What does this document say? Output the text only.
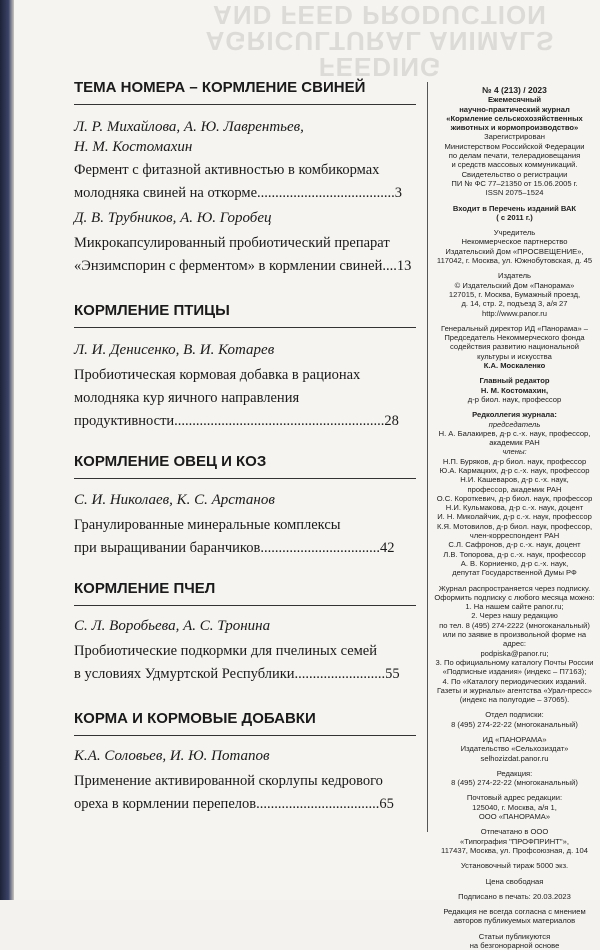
FEEDING
AGRICULTURAL ANIMALS
AND FEED PRODUCTION
ТЕМА НОМЕРА – КОРМЛЕНИЕ СВИНЕЙ
Л. Р. Михайлова, А. Ю. Лаврентьев,
Н. М. Костомахин
Фермент с фитазной активностью в комбикормах
молодняка свиней на откорме......................................3
Д. В. Трубников, А. Ю. Горобец
Микрокапсулированный пробиотический препарат
«Энзимспорин с ферментом» в кормлении свиней....13
КОРМЛЕНИЕ ПТИЦЫ
Л. И. Денисенко, В. И. Котарев
Пробиотическая кормовая добавка в рационах
молодняка кур яичного направления
продуктивности..........................................................28
КОРМЛЕНИЕ ОВЕЦ И КОЗ
С. И. Николаев, К. С. Арстанов
Гранулированные минеральные комплексы
при выращивании баранчиков.................................42
КОРМЛЕНИЕ ПЧЕЛ
С. Л. Воробьева, А. С. Тронина
Пробиотические подкормки для пчелиных семей
в условиях Удмуртской Республики.........................55
КОРМА И КОРМОВЫЕ ДОБАВКИ
К.А. Соловьев, И. Ю. Потапов
Применение активированной скорлупы кедрового
ореха в кормлении перепелов..................................65
№ 4 (213) / 2023
Ежемесячный
научно-практический журнал
«Кормление сельскохозяйственных животных и кормопроизводство»
Зарегистрирован
Министерством Российской Федерации
по делам печати, телерадиовещания
и средств массовых коммуникаций.
Свидетельство о регистрации
ПИ № ФС 77–21350 от 15.06.2005 г.
ISSN 2075–1524
Входит в Перечень изданий ВАК
( с 2011 г.)
Учредитель
Некоммерческое партнерство
Издательский Дом «ПРОСВЕЩЕНИЕ»,
117042, г. Москва, ул. Южнобутовская, д. 45
Издатель
© Издательский Дом «Панорама»
127015, г. Москва, Бумажный проезд,
д. 14, стр. 2, подъезд 3, а/я 27
http://www.panor.ru
Генеральный директор ИД «Панорама» –
Председатель Некоммерческого фонда
содействия развитию национальной
культуры и искусства
К.А. Москаленко
Главный редактор
Н. М. Костомахин,
д-р биол. наук, профессор
Редколлегия журнала:
председатель
Н. А. Балакирев, д-р с.-х. наук, профессор,
академик РАН
члены:
Н.П. Буряков, д-р биол. наук, профессор
Ю.А. Кармацких, д-р с.-х. наук, профессор
Н.И. Кашеваров, д-р с.-х. наук,
профессор, академик РАН
О.С. Короткевич, д-р биол. наук, профессор
Н.И. Кульмакова, д-р с.-х. наук, доцент
И. Н. Миколайчик, д-р с.-х. наук, профессор
К.Я. Мотовилов, д-р биол. наук, профессор,
член-корреспондент РАН
С.Л. Сафронов, д-р с.-х. наук, доцент
Л.В. Топорова, д-р с.-х. наук, профессор
А. В. Корниенко, д-р с.-х. наук,
депутат Государственной Думы РФ
Журнал распространяется через подписку.
Оформить подписку с любого месяца можно:
1. На нашем сайте panor.ru;
2. Через нашу редакцию
по тел. 8 (495) 274-2222 (многоканальный)
или по заявке в произвольной форме на адрес:
podpiska@panor.ru;
3. По официальному каталогу Почты России
«Подписные издания» (индекс – П7163);
4. По «Каталогу периодических изданий.
Газеты и журналы» агентства «Урал-пресс»
(индекс на полугодие – 37065).
Отдел подписки:
8 (495) 274-22-22 (многоканальный)
ИД «ПАНОРАМА»
Издательство «Сельхозиздат»
selhozizdat.panor.ru
Редакция:
8 (495) 274-22-22 (многоканальный)
Почтовый адрес редакции:
125040, г. Москва, а/я 1,
ООО «ПАНОРАМА»
Отпечатано в ООО
«Типография "ПРОФПРИНТ"»,
117437, Москва, ул. Профсоюзная, д. 104
Установочный тираж 5000 экз.
Цена свободная
Подписано в печать: 20.03.2023
Редакция не всегда согласна с мнением
авторов публикуемых материалов
Статьи публикуются
на безгонорарной основе
